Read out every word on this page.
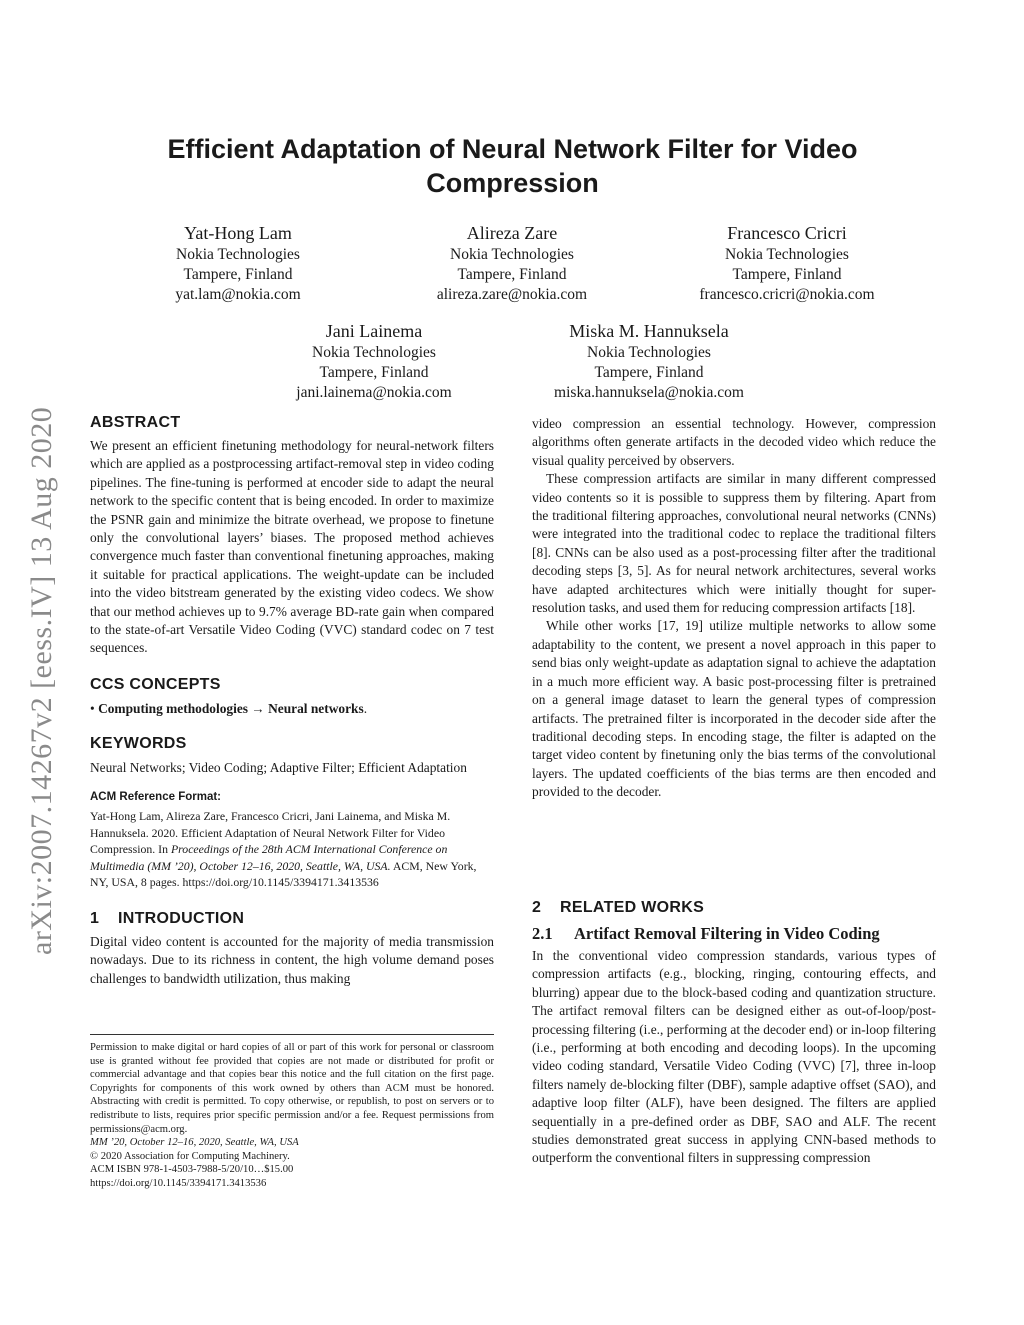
arXiv:2007.14267v2 [eess.IV] 13 Aug 2020
Efficient Adaptation of Neural Network Filter for Video
Compression
Yat-Hong Lam
Nokia Technologies
Tampere, Finland
yat.lam@nokia.com
Alireza Zare
Nokia Technologies
Tampere, Finland
alireza.zare@nokia.com
Francesco Cricri
Nokia Technologies
Tampere, Finland
francesco.cricri@nokia.com
Jani Lainema
Nokia Technologies
Tampere, Finland
jani.lainema@nokia.com
Miska M. Hannuksela
Nokia Technologies
Tampere, Finland
miska.hannuksela@nokia.com
ABSTRACT

We present an efficient finetuning methodology for neural-network filters which are applied as a postprocessing artifact-removal step in video coding pipelines. The fine-tuning is performed at encoder side to adapt the neural network to the specific content that is being encoded. In order to maximize the PSNR gain and minimize the bitrate overhead, we propose to finetune only the convolutional layers’ biases. The proposed method achieves convergence much faster than conventional finetuning approaches, making it suitable for practical applications. The weight-update can be included into the video bitstream generated by the existing video codecs. We show that our method achieves up to 9.7% average BD-rate gain when compared to the state-of-art Versatile Video Coding (VVC) standard codec on 7 test sequences.

CCS CONCEPTS

• Computing methodologies → Neural networks.

KEYWORDS

Neural Networks; Video Coding; Adaptive Filter; Efficient Adaptation

ACM Reference Format:

Yat-Hong Lam, Alireza Zare, Francesco Cricri, Jani Lainema, and Miska M. Hannuksela. 2020. Efficient Adaptation of Neural Network Filter for Video Compression. In Proceedings of the 28th ACM International Conference on Multimedia (MM ’20), October 12–16, 2020, Seattle, WA, USA. ACM, New York, NY, USA, 8 pages. https://doi.org/10.1145/3394171.3413536

1 INTRODUCTION

Digital video content is accounted for the majority of media transmission nowadays. Due to its richness in content, the high volume demand poses challenges to bandwidth utilization, thus making

Permission to make digital or hard copies of all or part of this work for personal or classroom use is granted without fee provided that copies are not made or distributed for profit or commercial advantage and that copies bear this notice and the full citation on the first page. Copyrights for components of this work owned by others than ACM must be honored. Abstracting with credit is permitted. To copy otherwise, or republish, to post on servers or to redistribute to lists, requires prior specific permission and/or a fee. Request permissions from permissions@acm.org.

MM ’20, October 12–16, 2020, Seattle, WA, USA

© 2020 Association for Computing Machinery.

ACM ISBN 978-1-4503-7988-5/20/10…$15.00

https://doi.org/10.1145/3394171.3413536

video compression an essential technology. However, compression algorithms often generate artifacts in the decoded video which reduce the visual quality perceived by observers.

These compression artifacts are similar in many different compressed video contents so it is possible to suppress them by filtering. Apart from the traditional filtering approaches, convolutional neural networks (CNNs) were integrated into the traditional codec to replace the traditional filters [8]. CNNs can be also used as a post-processing filter after the traditional decoding steps [3, 5]. As for neural network architectures, several works have adapted architectures which were initially thought for super-resolution tasks, and used them for reducing compression artifacts [18].

While other works [17, 19] utilize multiple networks to allow some adaptability to the content, we present a novel approach in this paper to send bias only weight-update as adaptation signal to achieve the adaptation in a much more efficient way. A basic post-processing filter is pretrained on a general image dataset to learn the general types of compression artifacts. The pretrained filter is incorporated in the decoder side after the traditional decoding steps. In encoding stage, the filter is adapted on the target video content by finetuning only the bias terms of the convolutional layers. The updated coefficients of the bias terms are then encoded and provided to the decoder.

2 RELATED WORKS
2.1 Artifact Removal Filtering in Video Coding

In the conventional video compression standards, various types of compression artifacts (e.g., blocking, ringing, contouring effects, and blurring) appear due to the block-based coding and quantization structure. The artifact removal filters can be designed either as out-of-loop/post-processing filtering (i.e., performing at the decoder end) or in-loop filtering (i.e., performing at both encoding and decoding loops). In the upcoming video coding standard, Versatile Video Coding (VVC) [7], three in-loop filters namely de-blocking filter (DBF), sample adaptive offset (SAO), and adaptive loop filter (ALF), have been designed. The filters are applied sequentially in a pre-defined order as DBF, SAO and ALF. The recent studies demonstrated great success in applying CNN-based methods to outperform the conventional filters in suppressing compression
